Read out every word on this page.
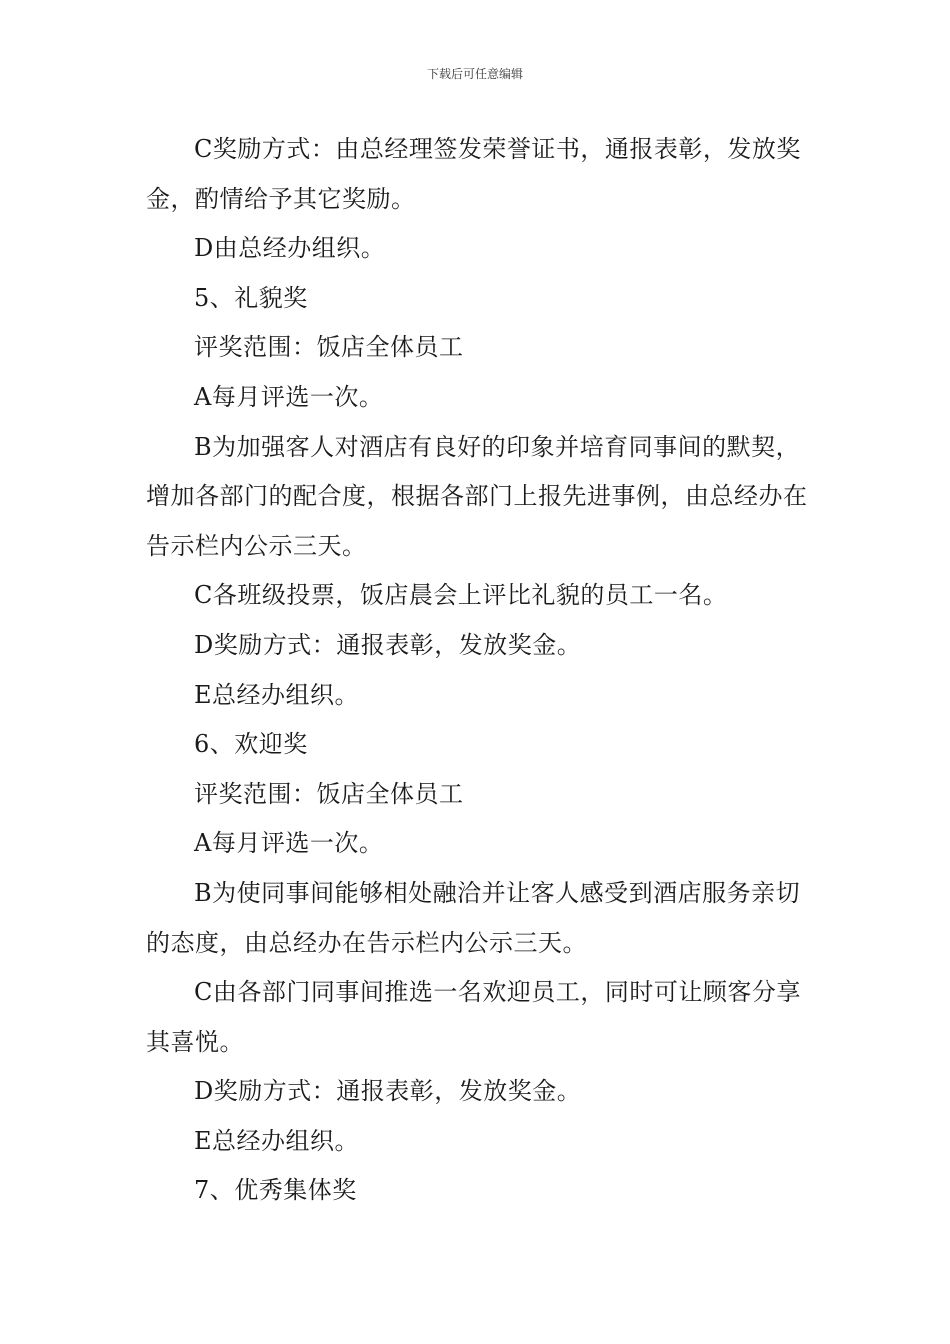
下载后可任意编辑

C奖励方式：由总经理签发荣誉证书，通报表彰，发放奖金，酌情给予其它奖励。

D由总经办组织。

5、礼貌奖

评奖范围：饭店全体员工

A每月评选一次。

B为加强客人对酒店有良好的印象并培育同事间的默契，增加各部门的配合度，根据各部门上报先进事例，由总经办在告示栏内公示三天。

C各班级投票，饭店晨会上评比礼貌的员工一名。

D奖励方式：通报表彰，发放奖金。

E总经办组织。

6、欢迎奖

评奖范围：饭店全体员工

A每月评选一次。

B为使同事间能够相处融洽并让客人感受到酒店服务亲切的态度，由总经办在告示栏内公示三天。

C由各部门同事间推选一名欢迎员工，同时可让顾客分享其喜悦。

D奖励方式：通报表彰，发放奖金。

E总经办组织。

7、优秀集体奖
